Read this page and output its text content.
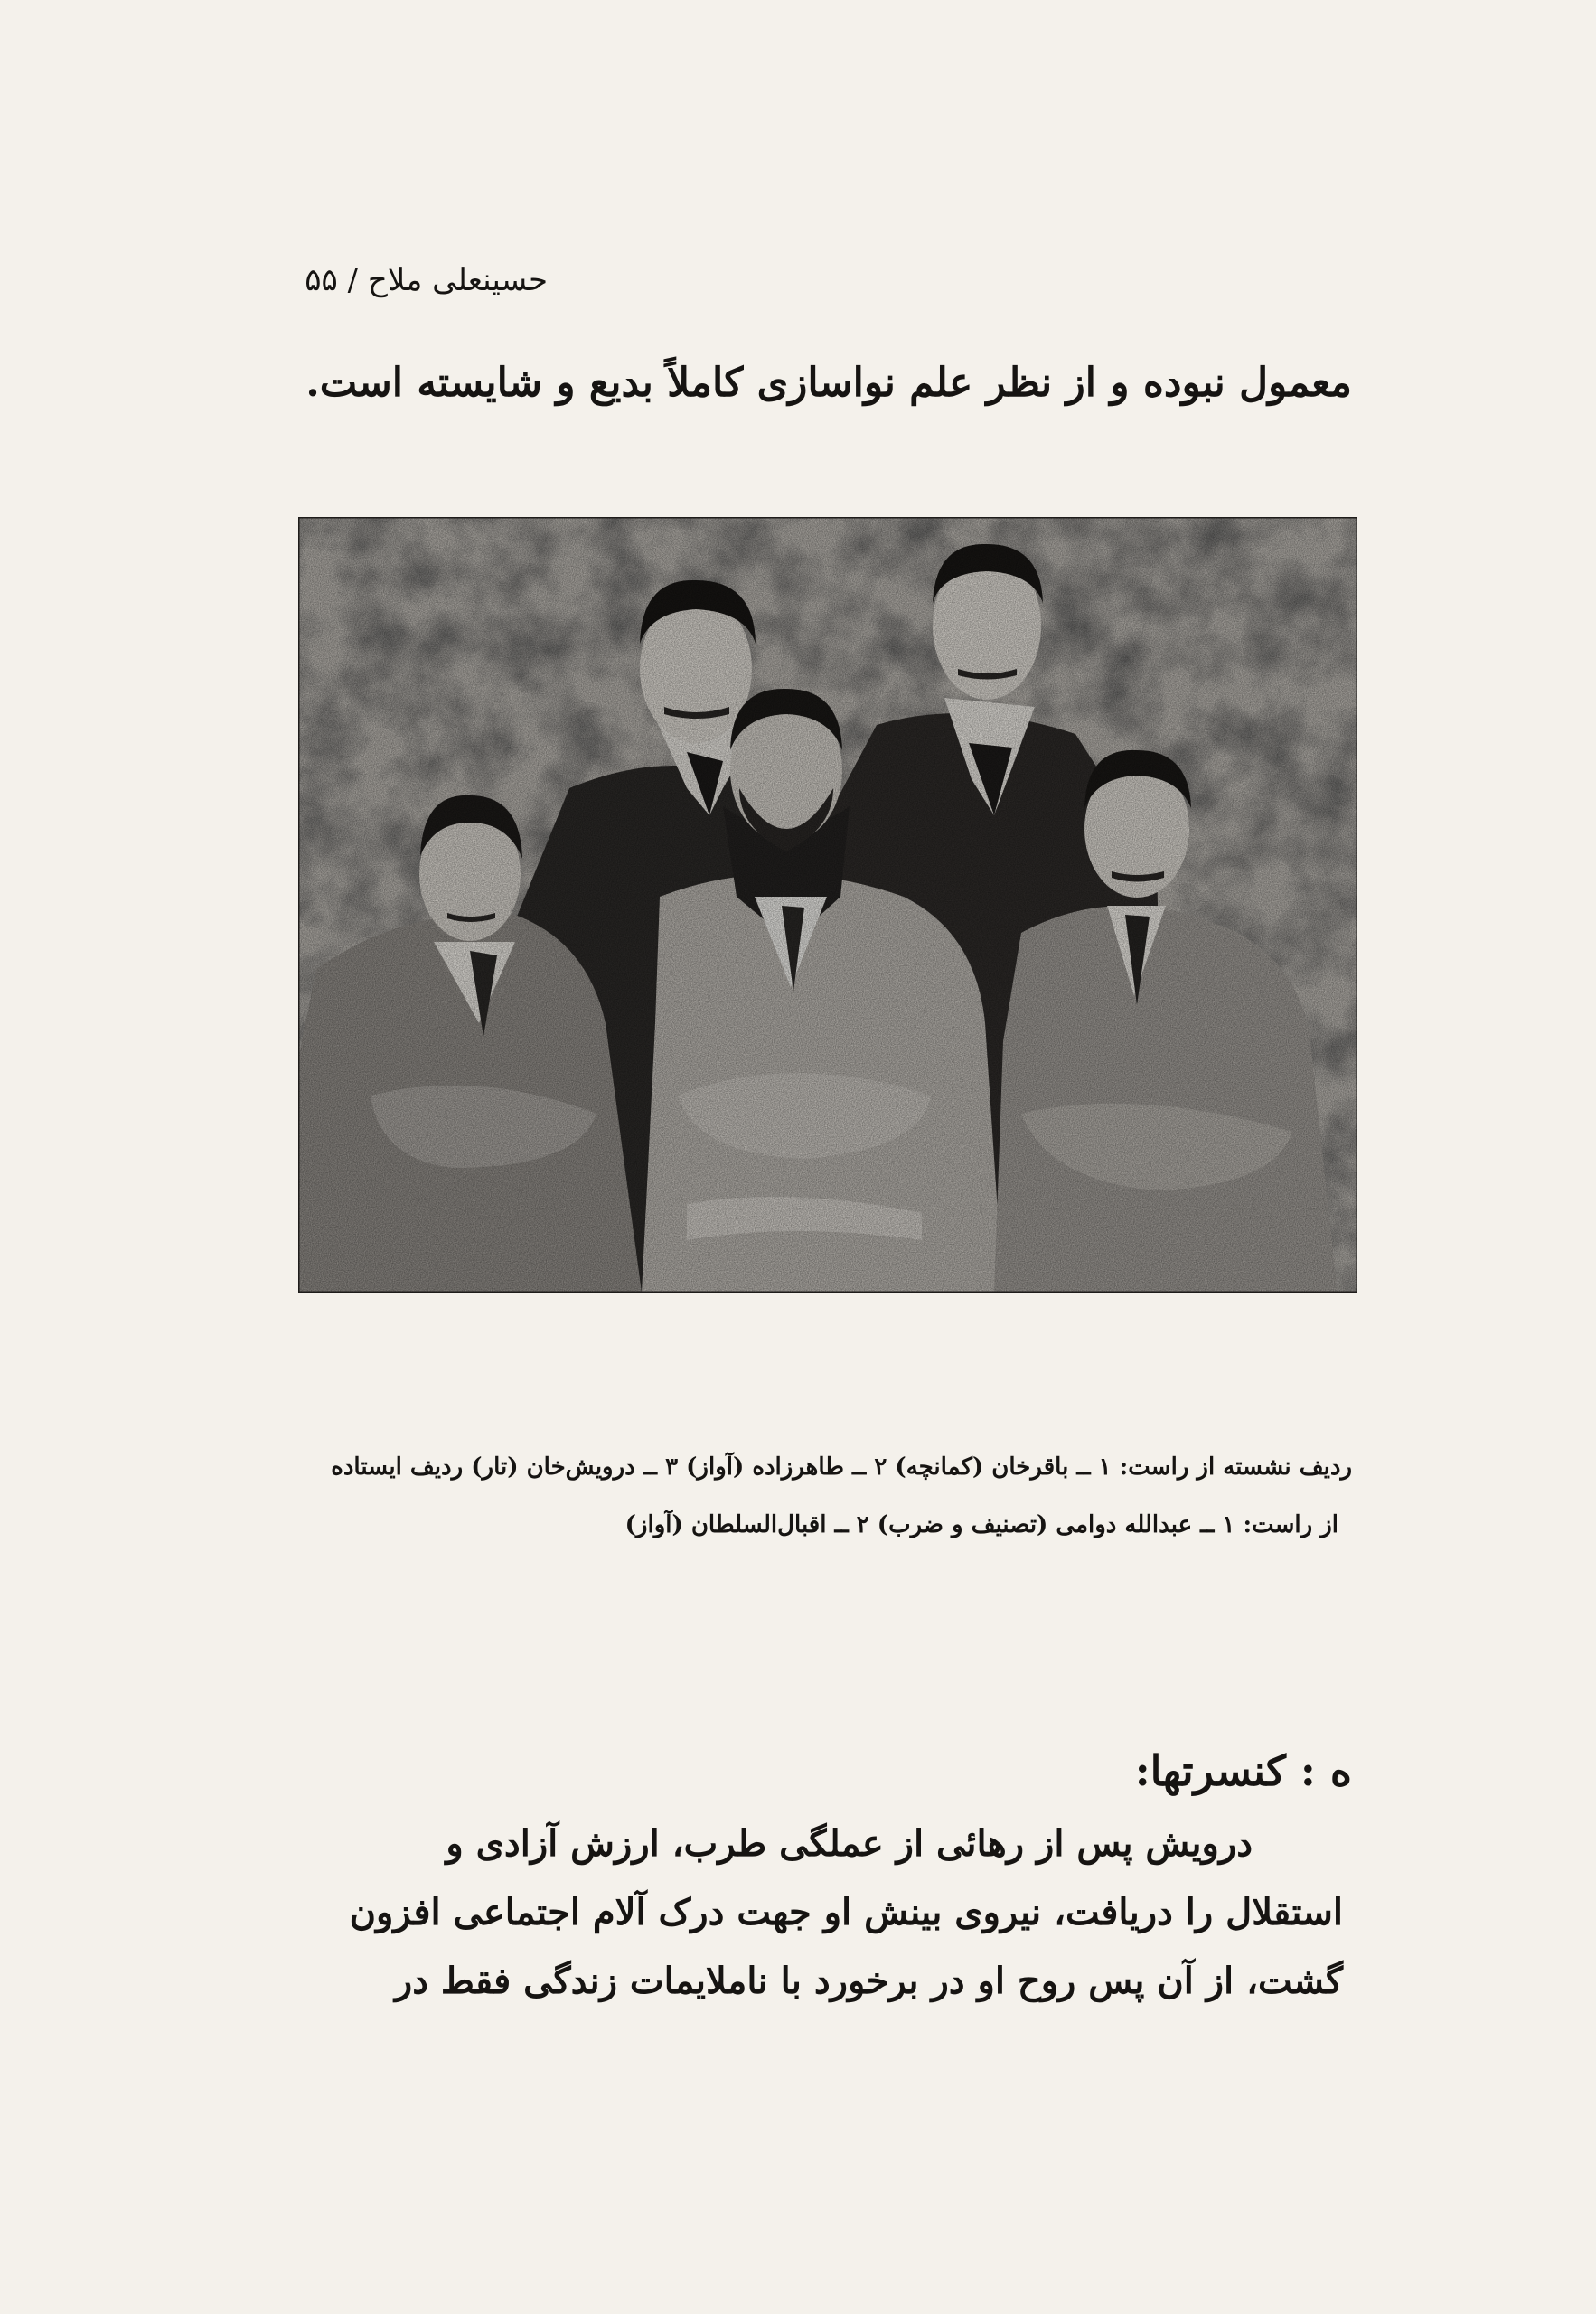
حسینعلی ملاح / ۵۵
معمول نبوده و از نظر علم نواسازی کاملاً بدیع و شایسته است.
ردیف نشسته از راست: ۱ ــ باقرخان (کمانچه) ۲ ــ طاهرزاده (آواز) ۳ ــ درویش‌خان (تار) ردیف ایستاده
از راست: ۱ ــ عبدالله دوامی (تصنیف و ضرب) ۲ ــ اقبال‌السلطان (آواز)
ه : کنسرتها:
درویش پس از رهائی از عملگی طرب، ارزش آزادی و
استقلال را دریافت، نیروی بینش او جهت درک آلام اجتماعی افزون
گشت، از آن پس روح او در برخورد با ناملایمات زندگی فقط در
